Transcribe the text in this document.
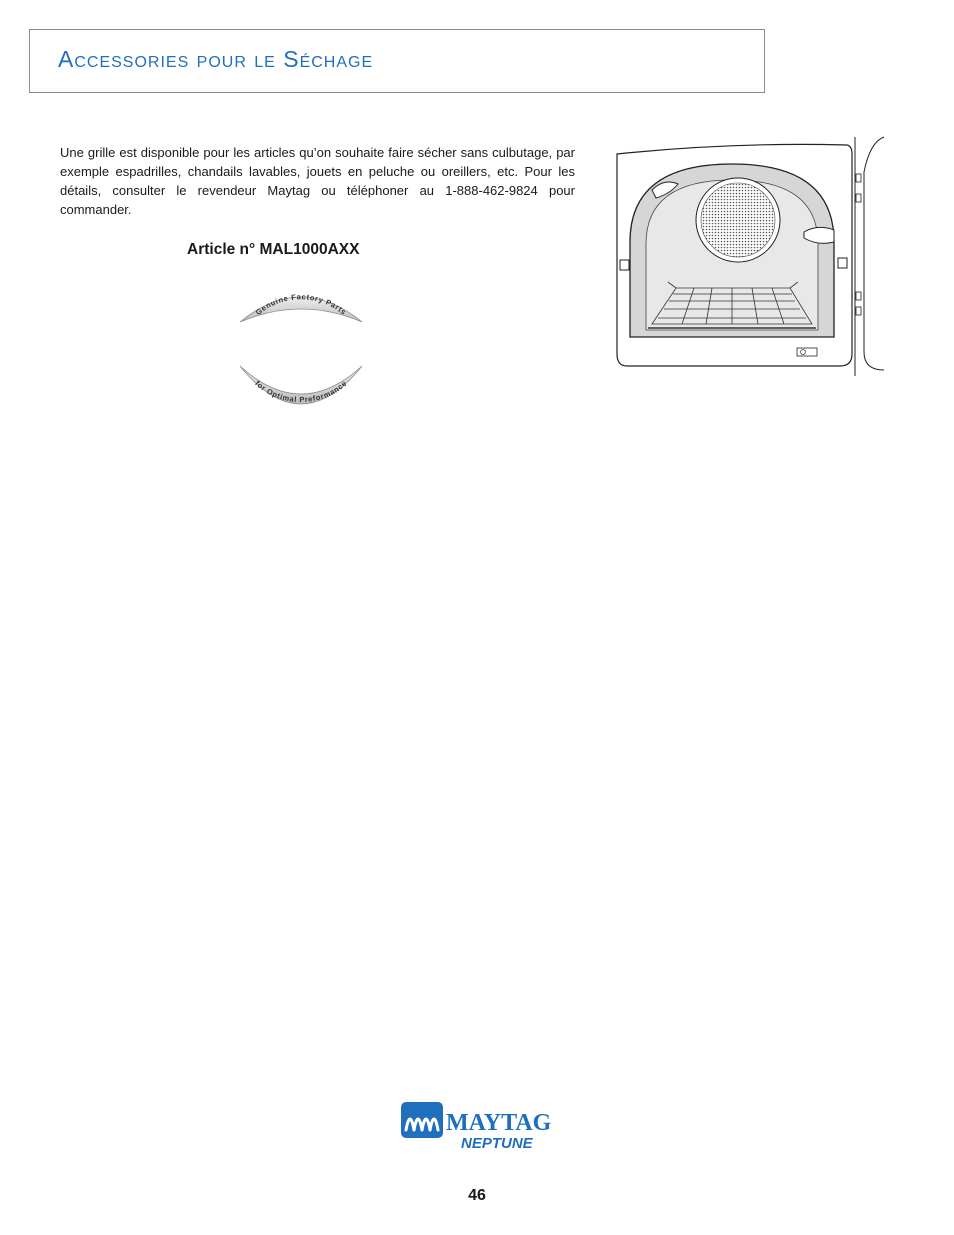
Accessories pour le Séchage

Une grille est disponible pour les articles qu’on souhaite faire sécher sans culbutage, par exemple espadrilles, chandails lavables, jouets en peluche ou oreillers, etc. Pour les détails, consulter le revendeur Maytag ou téléphoner au 1-888-462-9824 pour commander.

Article n° MAL1000AXX

Genuine Factory Parts
for Optimal Preformance
MAYTAG
NEPTUNE
46
